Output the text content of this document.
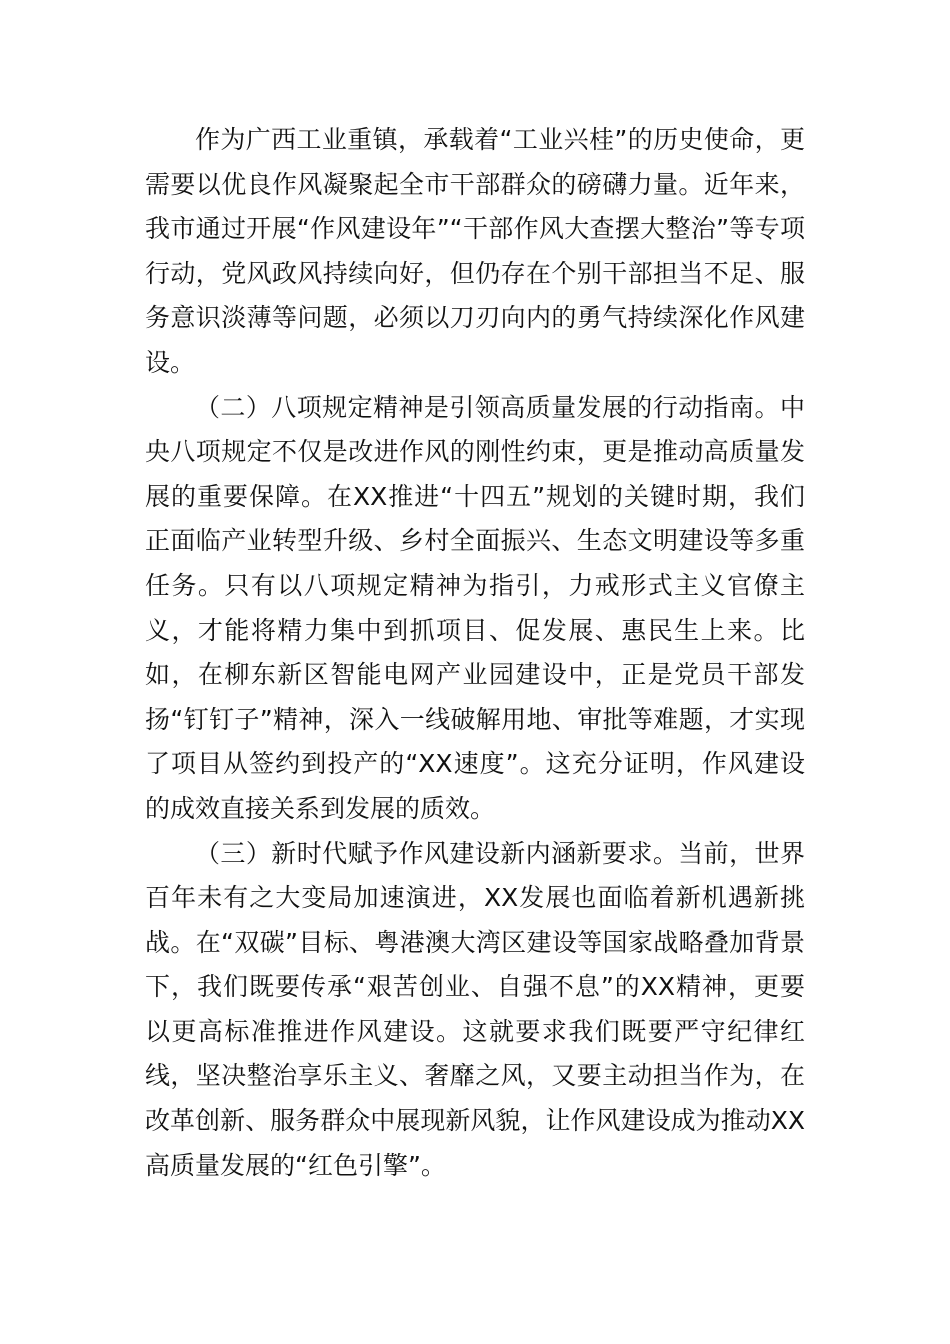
作为广西工业重镇，承载着“工业兴桂”的历史使命，更需要以优良作风凝聚起全市干部群众的磅礴力量。近年来，我市通过开展“作风建设年”“干部作风大查摆大整治”等专项行动，党风政风持续向好，但仍存在个别干部担当不足、服务意识淡薄等问题，必须以刀刃向内的勇气持续深化作风建设。

（二）八项规定精神是引领高质量发展的行动指南。中央八项规定不仅是改进作风的刚性约束，更是推动高质量发展的重要保障。在XX推进“十四五”规划的关键时期，我们正面临产业转型升级、乡村全面振兴、生态文明建设等多重任务。只有以八项规定精神为指引，力戒形式主义官僚主义，才能将精力集中到抓项目、促发展、惠民生上来。比如，在柳东新区智能电网产业园建设中，正是党员干部发扬“钉钉子”精神，深入一线破解用地、审批等难题，才实现了项目从签约到投产的“XX速度”。这充分证明，作风建设的成效直接关系到发展的质效。

（三）新时代赋予作风建设新内涵新要求。当前，世界百年未有之大变局加速演进，XX发展也面临着新机遇新挑战。在“双碳”目标、粤港澳大湾区建设等国家战略叠加背景下，我们既要传承“艰苦创业、自强不息”的XX精神，更要以更高标准推进作风建设。这就要求我们既要严守纪律红线，坚决整治享乐主义、奢靡之风，又要主动担当作为，在改革创新、服务群众中展现新风貌，让作风建设成为推动XX高质量发展的“红色引擎”。
